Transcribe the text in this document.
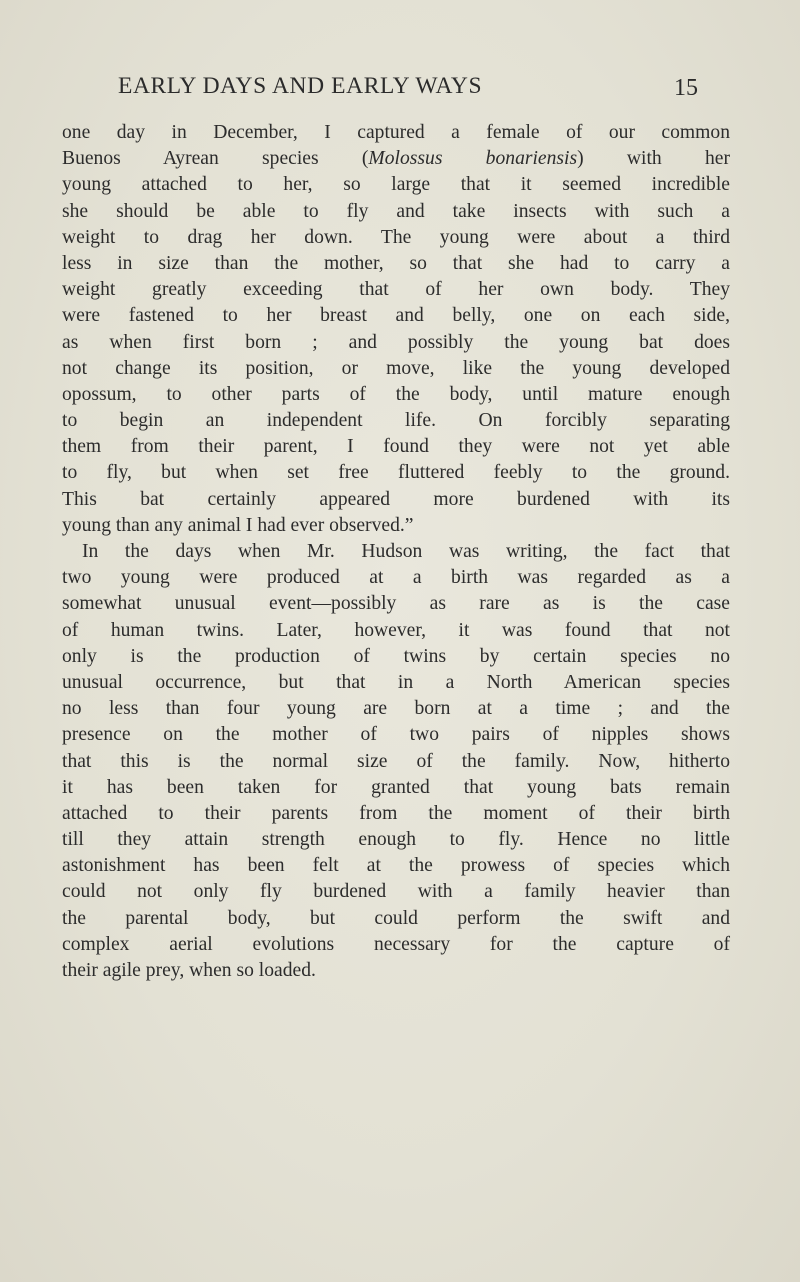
EARLY DAYS AND EARLY WAYS	15
one day in December, I captured a female of our common
Buenos Ayrean species (Molossus bonariensis) with her
young attached to her, so large that it seemed incredible
she should be able to fly and take insects with such a
weight to drag her down. The young were about a third
less in size than the mother, so that she had to carry a
weight greatly exceeding that of her own body. They
were fastened to her breast and belly, one on each side,
as when first born ; and possibly the young bat does
not change its position, or move, like the young developed
opossum, to other parts of the body, until mature enough
to begin an independent life. On forcibly separating
them from their parent, I found they were not yet able
to fly, but when set free fluttered feebly to the ground.
This bat certainly appeared more burdened with its
young than any animal I had ever observed.”
In the days when Mr. Hudson was writing, the fact that
two young were produced at a birth was regarded as a
somewhat unusual event—possibly as rare as is the case
of human twins. Later, however, it was found that not
only is the production of twins by certain species no
unusual occurrence, but that in a North American species
no less than four young are born at a time ; and the
presence on the mother of two pairs of nipples shows
that this is the normal size of the family. Now, hitherto
it has been taken for granted that young bats remain
attached to their parents from the moment of their birth
till they attain strength enough to fly. Hence no little
astonishment has been felt at the prowess of species which
could not only fly burdened with a family heavier than
the parental body, but could perform the swift and
complex aerial evolutions necessary for the capture of
their agile prey, when so loaded.
